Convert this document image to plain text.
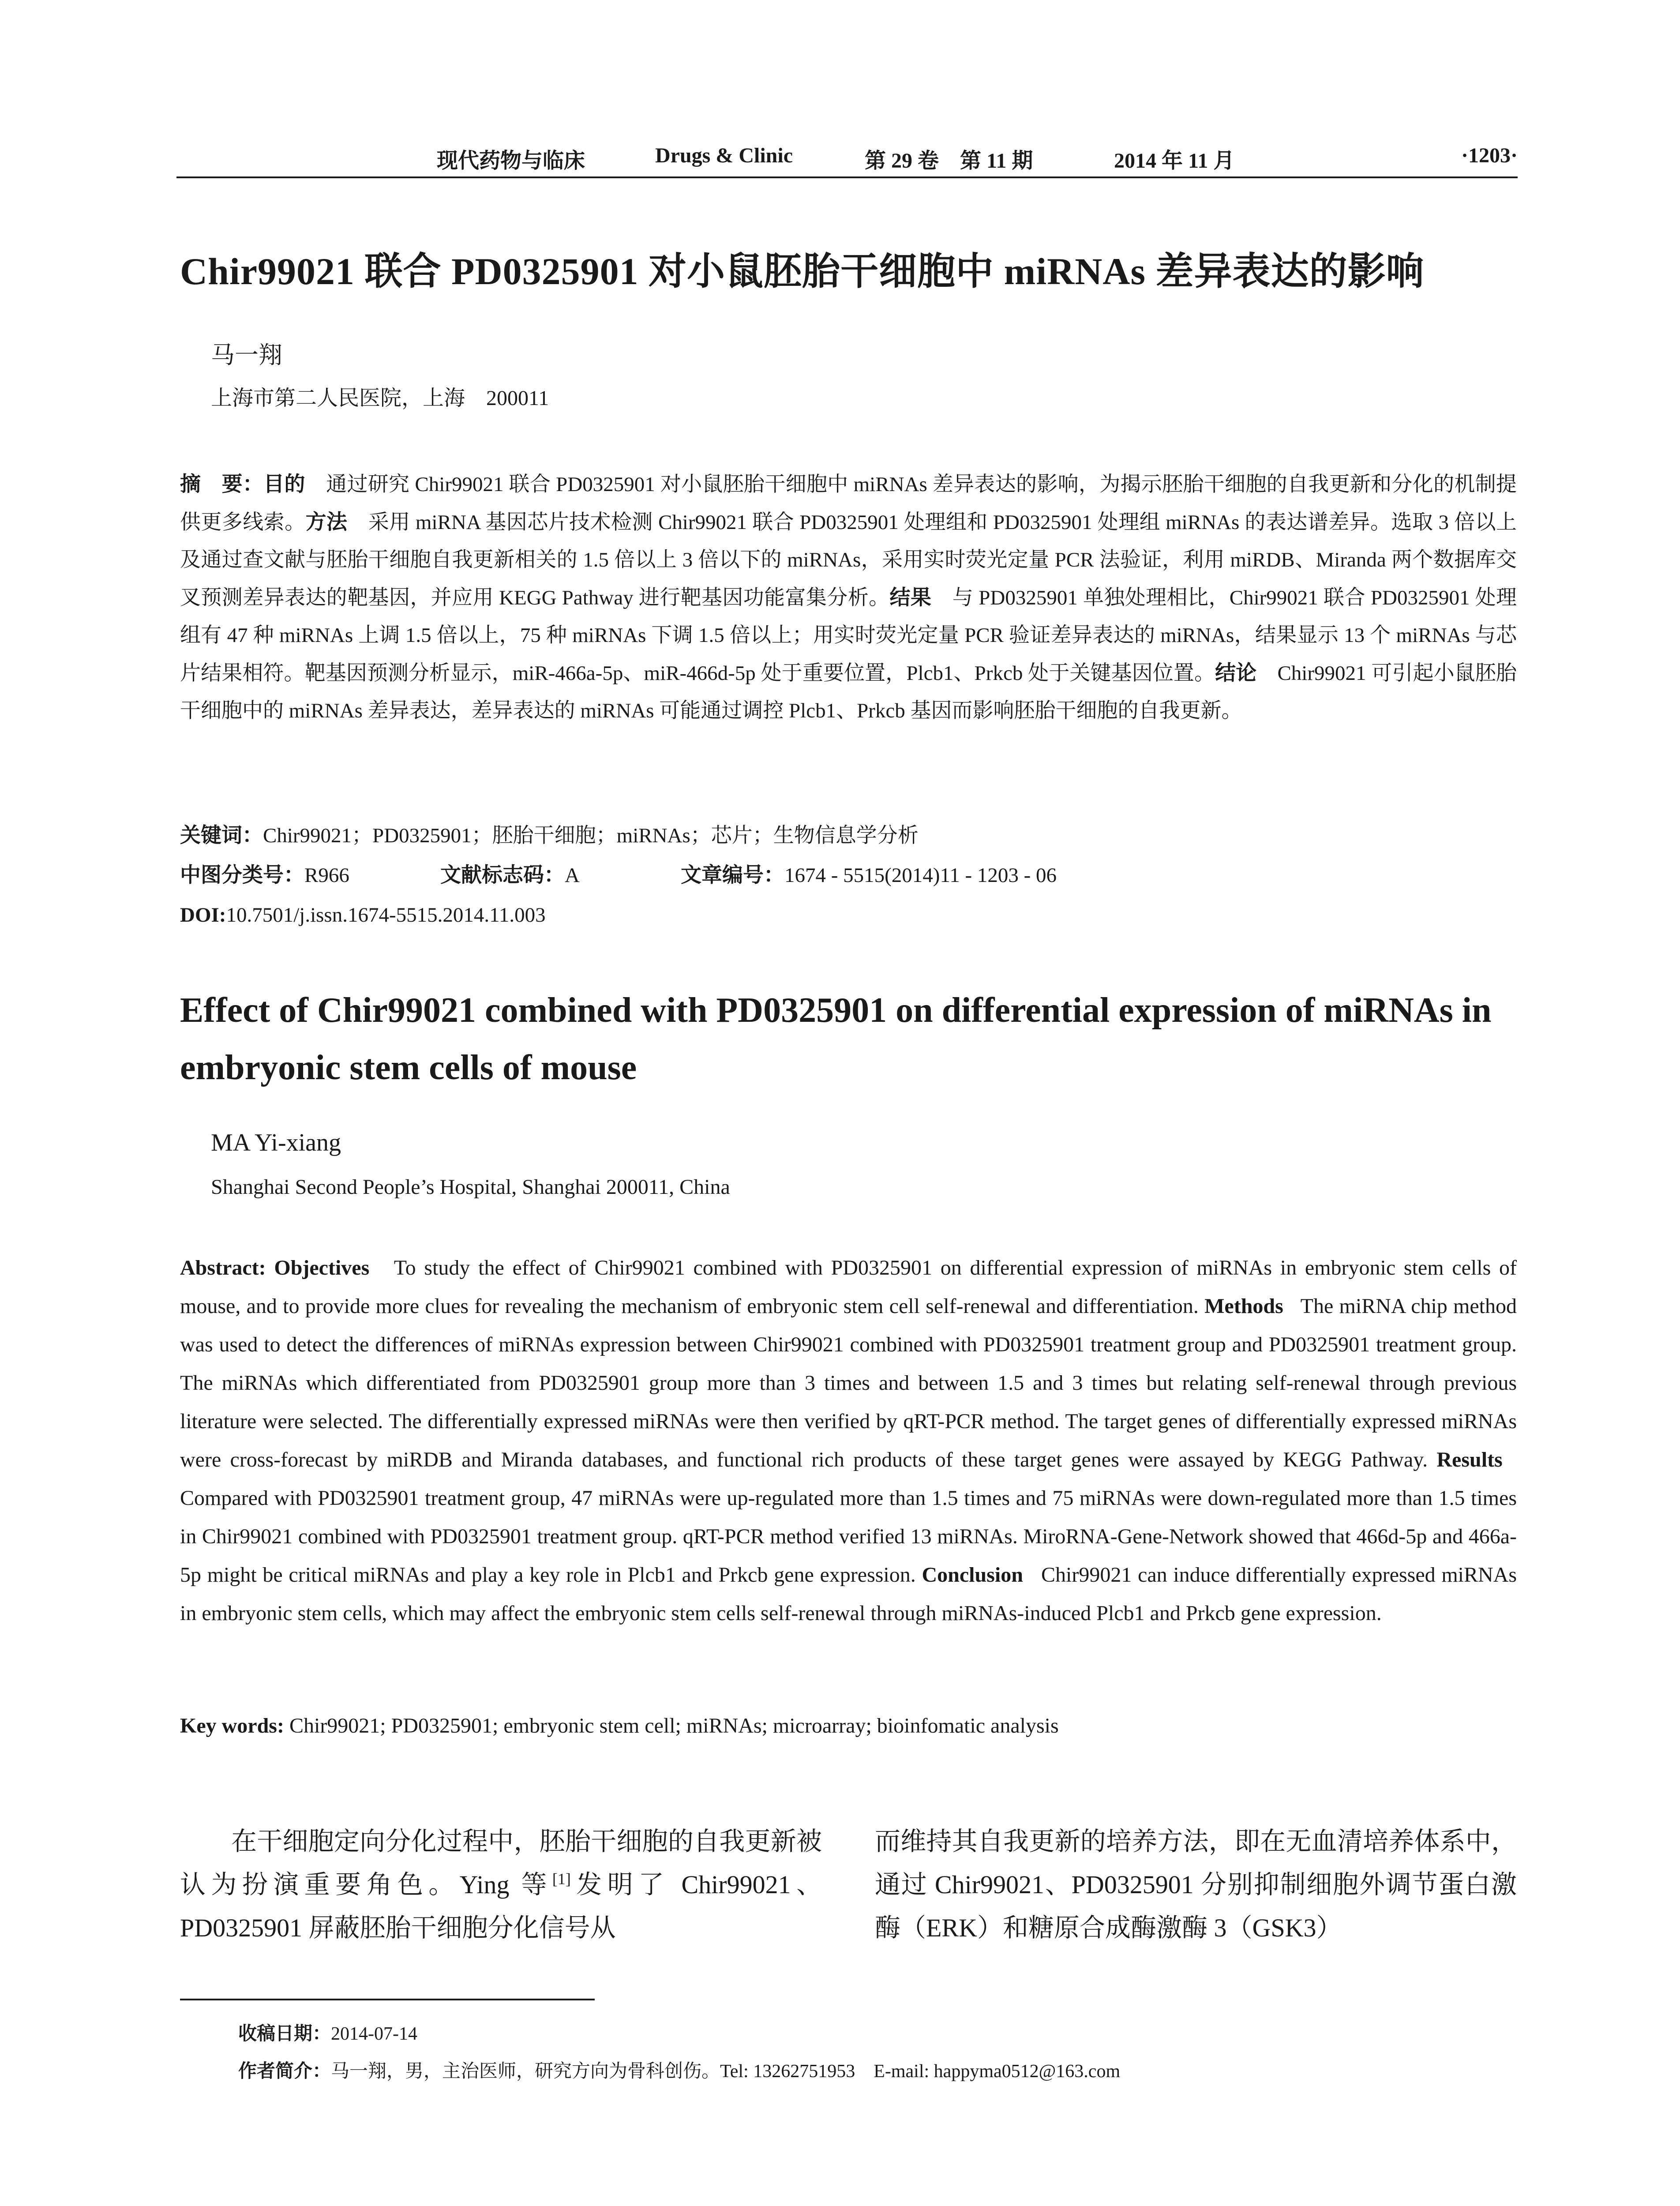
现代药物与临床	Drugs & Clinic	第 29 卷　第 11 期	2014 年 11 月	·1203·
Chir99021 联合 PD0325901 对小鼠胚胎干细胞中 miRNAs 差异表达的影响
马一翔
上海市第二人民医院，上海　200011
摘　要：目的　 通过研究 Chir99021 联合 PD0325901 对小鼠胚胎干细胞中 miRNAs 差异表达的影响，为揭示胚胎干细胞的自我更新和分化的机制提供更多线索。方法　 采用 miRNA 基因芯片技术检测 Chir99021 联合 PD0325901 处理组和 PD0325901 处理组 miRNAs 的表达谱差异。选取 3 倍以上及通过查文献与胚胎干细胞自我更新相关的 1.5 倍以上 3 倍以下的 miRNAs，采用实时荧光定量 PCR 法验证，利用 miRDB、Miranda 两个数据库交叉预测差异表达的靶基因，并应用 KEGG Pathway 进行靶基因功能富集分析。结果　 与 PD0325901 单独处理相比，Chir99021 联合 PD0325901 处理组有 47 种 miRNAs 上调 1.5 倍以上，75 种 miRNAs 下调 1.5 倍以上；用实时荧光定量 PCR 验证差异表达的 miRNAs，结果显示 13 个 miRNAs 与芯片结果相符。靶基因预测分析显示，miR-466a-5p、miR-466d-5p 处于重要位置，Plcb1、Prkcb 处于关键基因位置。结论　 Chir99021 可引起小鼠胚胎干细胞中的 miRNAs 差异表达，差异表达的 miRNAs 可能通过调控 Plcb1、Prkcb 基因而影响胚胎干细胞的自我更新。
关键词：Chir99021；PD0325901；胚胎干细胞；miRNAs；芯片；生物信息学分析
中图分类号：R966	文献标志码：A	文章编号：1674 - 5515(2014)11 - 1203 - 06
DOI:10.7501/j.issn.1674-5515.2014.11.003
Effect of Chir99021 combined with PD0325901 on differential expression of miRNAs in embryonic stem cells of mouse
MA Yi-xiang
Shanghai Second People’s Hospital, Shanghai 200011, China
Abstract: Objectives To study the effect of Chir99021 combined with PD0325901 on differential expression of miRNAs in embryonic stem cells of mouse, and to provide more clues for revealing the mechanism of embryonic stem cell self-renewal and differentiation. Methods The miRNA chip method was used to detect the differences of miRNAs expression between Chir99021 combined with PD0325901 treatment group and PD0325901 treatment group. The miRNAs which differentiated from PD0325901 group more than 3 times and between 1.5 and 3 times but relating self-renewal through previous literature were selected. The differentially expressed miRNAs were then verified by qRT-PCR method. The target genes of differentially expressed miRNAs were cross-forecast by miRDB and Miranda databases, and functional rich products of these target genes were assayed by KEGG Pathway. Results   Compared with PD0325901 treatment group, 47 miRNAs were up-regulated more than 1.5 times and 75 miRNAs were down-regulated more than 1.5 times in Chir99021 combined with PD0325901 treatment group. qRT-PCR method verified 13 miRNAs. MiroRNA-Gene-Network showed that 466d-5p and 466a-5p might be critical miRNAs and play a key role in Plcb1 and Prkcb gene expression. Conclusion Chir99021 can induce differentially expressed miRNAs in embryonic stem cells, which may affect the embryonic stem cells self-renewal through miRNAs-induced Plcb1 and Prkcb gene expression.
Key words: Chir99021; PD0325901; embryonic stem cell; miRNAs; microarray; bioinfomatic analysis
在干细胞定向分化过程中，胚胎干细胞的自我更新被认为扮演重要角色。Ying 等[1]发明了 Chir99021、PD0325901 屏蔽胚胎干细胞分化信号从
而维持其自我更新的培养方法，即在无血清培养体系中，通过 Chir99021、PD0325901 分别抑制细胞外调节蛋白激酶（ERK）和糖原合成酶激酶 3（GSK3）
收稿日期：2014-07-14
作者简介：马一翔，男，主治医师，研究方向为骨科创伤。Tel: 13262751953　E-mail: happyma0512@163.com
